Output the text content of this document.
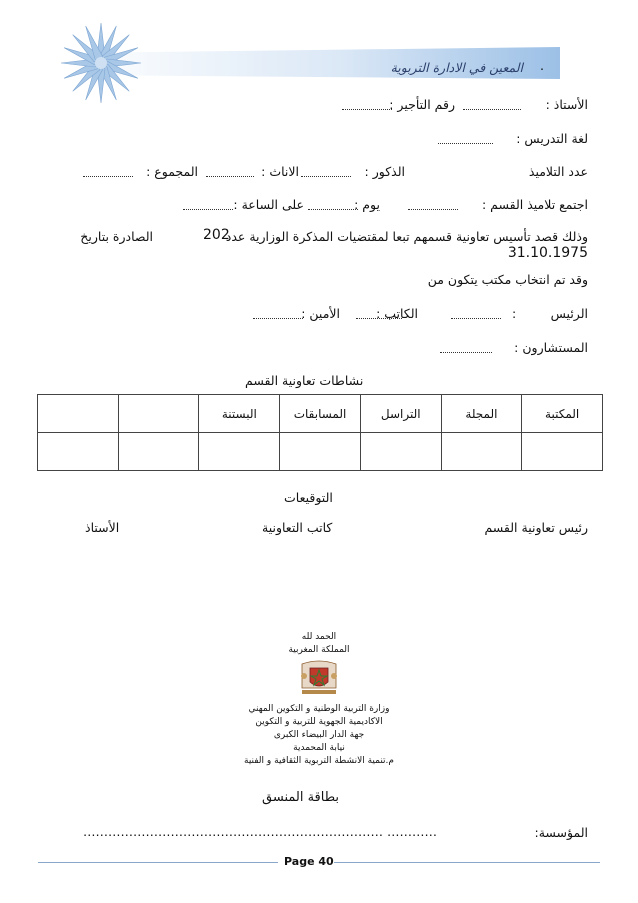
المعين في الادارة التربوية .
الأستاذ :
رقم التأجير :
لغة التدريس :
عدد التلاميذ
الذكور :
الاناث :
المجموع :
اجتمع تلاميذ القسم :
يوم :
على الساعة :
وذلك قصد تأسيس تعاونية قسمهم تبعا لمقتضيات المذكرة الوزارية عدد
202
الصادرة بتاريخ
31.10.1975
وقد تم انتخاب مكتب يتكون من
الرئيس
:
الكاتب :
الأمين :
المستشارون :
نشاطات تعاونية القسم
المكتبة	المجلة	التراسل	المسابقات	البستنة		

التوقيعات
رئيس تعاونية القسم
كاتب التعاونية
الأستاذ
الحمد لله
المملكة المغربية
وزارة التربية الوطنية و التكوين المهني
الاكاديمية الجهوية للتربية و التكوين
جهة الدار البيضاء الكبرى
نيابة المحمدية
م.تنمية الانشطة التربوية الثقافية و الفنية
بطاقة المنسق
المؤسسة:
……………………………………………………………… …………
Page 40
